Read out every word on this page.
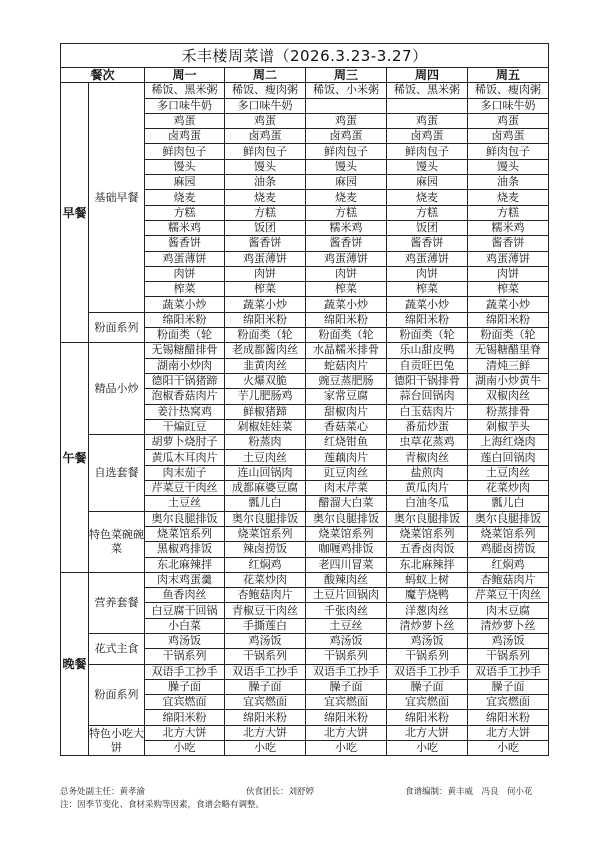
禾丰楼周菜谱（2026.3.23-3.27）						
餐次		周一	周二	周三	周四	周五
早餐	基础早餐	稀饭、黑米粥	稀饭、瘦肉粥	稀饭、小米粥	稀饭、黑米粥	稀饭、瘦肉粥
		多口味牛奶	多口味牛奶			多口味牛奶
		鸡蛋	鸡蛋	鸡蛋	鸡蛋	鸡蛋
		卤鸡蛋	卤鸡蛋	卤鸡蛋	卤鸡蛋	卤鸡蛋
		鲜肉包子	鲜肉包子	鲜肉包子	鲜肉包子	鲜肉包子
		馒头	馒头	馒头	馒头	馒头
		麻园	油条	麻园	麻园	油条
		烧麦	烧麦	烧麦	烧麦	烧麦
		方糕	方糕	方糕	方糕	方糕
		糯米鸡	饭团	糯米鸡	饭团	糯米鸡
		酱香饼	酱香饼	酱香饼	酱香饼	酱香饼
		鸡蛋薄饼	鸡蛋薄饼	鸡蛋薄饼	鸡蛋薄饼	鸡蛋薄饼
		肉饼	肉饼	肉饼	肉饼	肉饼
		榨菜	榨菜	榨菜	榨菜	榨菜
		蔬菜小炒	蔬菜小炒	蔬菜小炒	蔬菜小炒	蔬菜小炒
	粉面系列	绵阳米粉	绵阳米粉	绵阳米粉	绵阳米粉	绵阳米粉
		粉面类（轮	粉面类（轮	粉面类（轮	粉面类（轮	粉面类（轮
午餐	精品小炒	无锡糖醋排骨	老成都酱肉丝	水晶糯米排骨	乐山甜皮鸭	无锡糖醋里脊
		湖南小炒肉	韭黄肉丝	蛇菇肉片	自贡旺巴兔	清炖三鲜
		德阳干锅猪蹄	火爆双脆	豌豆蒸肥肠	德阳干锅排骨	湖南小炒黄牛
		泡椒香菇肉片	芋儿肥肠鸡	家常豆腐	蒜台回锅肉	双椒肉丝
		姜汁热窝鸡	鲜椒猪蹄	甜椒肉片	白玉菇肉片	粉蒸排骨
		干煸豇豆	剁椒娃娃菜	香菇菜心	番茄炒蛋	剁椒芋头
	自选套餐	胡萝卜烧肘子	粉蒸肉	红烧钳鱼	虫草花蒸鸡	上海红烧肉
		黄瓜木耳肉片	土豆肉丝	莲藕肉片	青椒肉丝	莲白回锅肉
		肉末茄子	连山回锅肉	豇豆肉丝	盐煎肉	土豆肉丝
		芹菜豆干肉丝	成都麻婆豆腐	肉末芹菜	黄瓜肉片	花菜炒肉
		土豆丝	瓢儿白	醋溜大白菜	白油冬瓜	瓢儿白
	特色菜碗碗菜	奥尔良腿排饭	奥尔良腿排饭	奥尔良腿排饭	奥尔良腿排饭	奥尔良腿排饭
		烧菜馆系列	烧菜馆系列	烧菜馆系列	烧菜馆系列	烧菜馆系列
		黑椒鸡排饭	辣卤捞饭	咖喱鸡排饭	五香卤肉饭	鸡腿卤捞饭
		东北麻辣拌	红焖鸡	老四川冒菜	东北麻辣拌	红焖鸡
晚餐	营养套餐	肉末鸡蛋羹	花菜炒肉	酸辣肉丝	蚂蚁上树	杏鲍菇肉片
		鱼香肉丝	杏鲍菇肉片	土豆片回锅肉	魔芋烧鸭	芹菜豆干肉丝
		白豆腐干回锅	青椒豆干肉丝	千张肉丝	洋葱肉丝	肉末豆腐
		小白菜	手撕莲白	土豆丝	清炒萝卜丝	清炒萝卜丝
	花式主食	鸡汤饭	鸡汤饭	鸡汤饭	鸡汤饭	鸡汤饭
		干锅系列	干锅系列	干锅系列	干锅系列	干锅系列
	粉面系列	双语手工抄手	双语手工抄手	双语手工抄手	双语手工抄手	双语手工抄手
		臊子面	臊子面	臊子面	臊子面	臊子面
		宜宾燃面	宜宾燃面	宜宾燃面	宜宾燃面	宜宾燃面
		绵阳米粉	绵阳米粉	绵阳米粉	绵阳米粉	绵阳米粉
	特色小吃大饼	北方大饼	北方大饼	北方大饼	北方大饼	北方大饼
		小吃	小吃	小吃	小吃	小吃
总务处副主任：黄孝渝	伙食团长：刘舒婷	食谱编制：黄丰威　冯良　何小花
注：因季节变化、食材采购等因素，食谱会略有调整。
